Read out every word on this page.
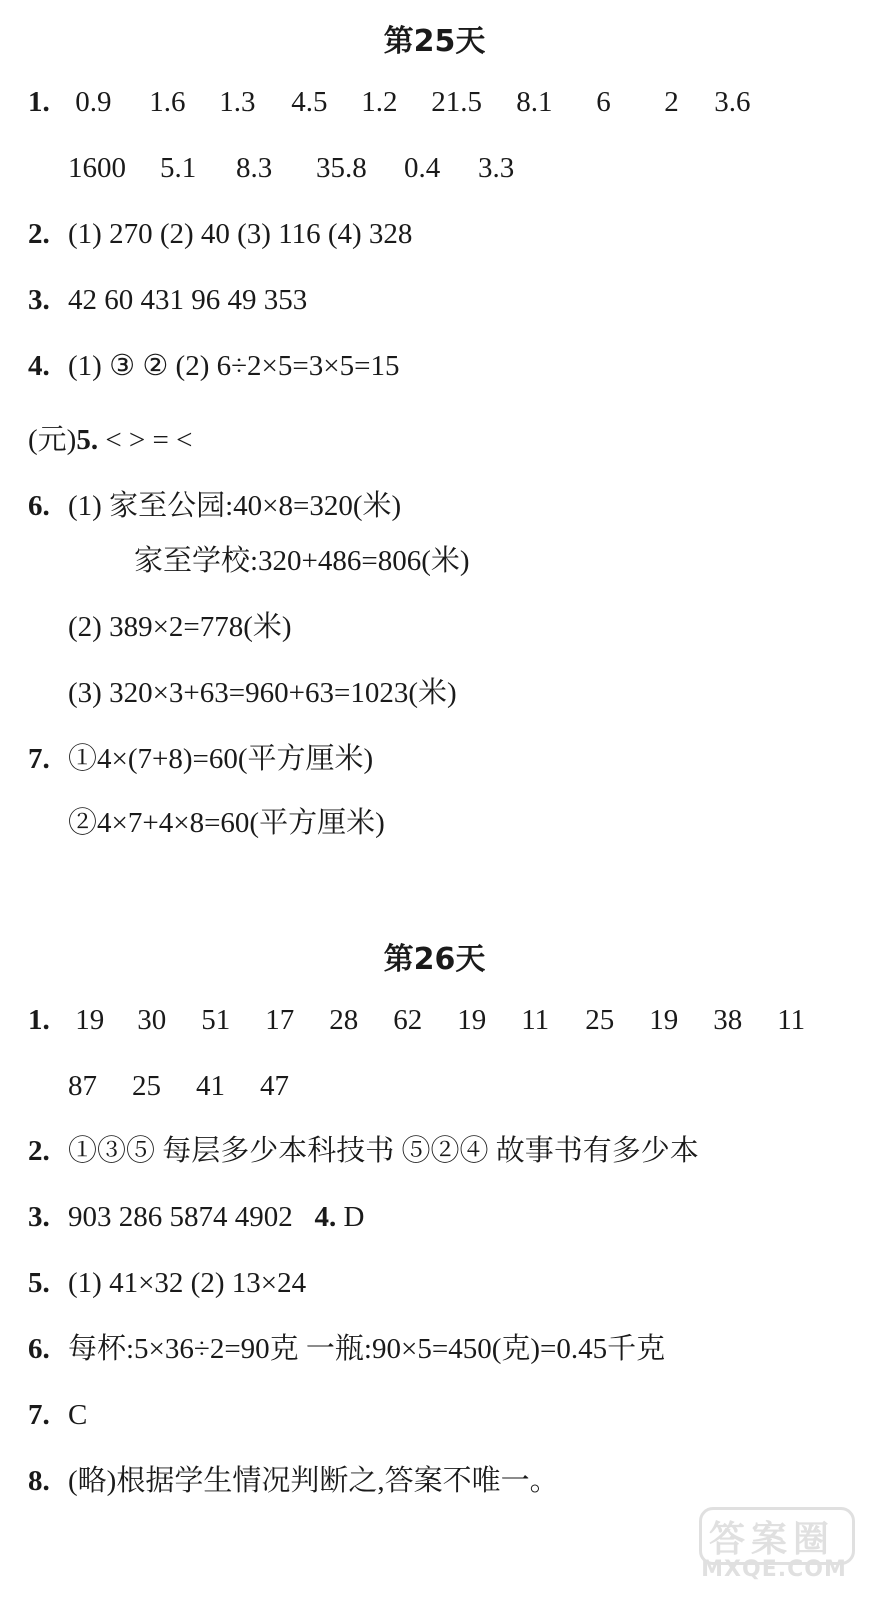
第25天
1. 0.9 1.6 1.3 4.5 1.2 21.5 8.1 6 2 3.6
1600 5.1 8.3 35.8 0.4 3.3
2. (1) 270 (2) 40 (3) 116 (4) 328
3. 42 60 431 96 49 353
4. (1) ③ ② (2) 6÷2×5=3×5=15
(元)5. < > = <
6. (1) 家至公园:40×8=320(米)
家至学校:320+486=806(米)
(2) 389×2=778(米)
(3) 320×3+63=960+63=1023(米)
7. ①4×(7+8)=60(平方厘米)
②4×7+4×8=60(平方厘米)
第26天
1. 19 30 51 17 28 62 19 11 25 19 38 11
87 25 41 47
2. ①③⑤ 每层多少本科技书 ⑤②④ 故事书有多少本
3. 903 286 5874 4902 4. D
5. (1) 41×32 (2) 13×24
6. 每杯:5×36÷2=90克 一瓶:90×5=450(克)=0.45千克
7. C
8. (略)根据学生情况判断之,答案不唯一。
答案圈
MXQE.COM
